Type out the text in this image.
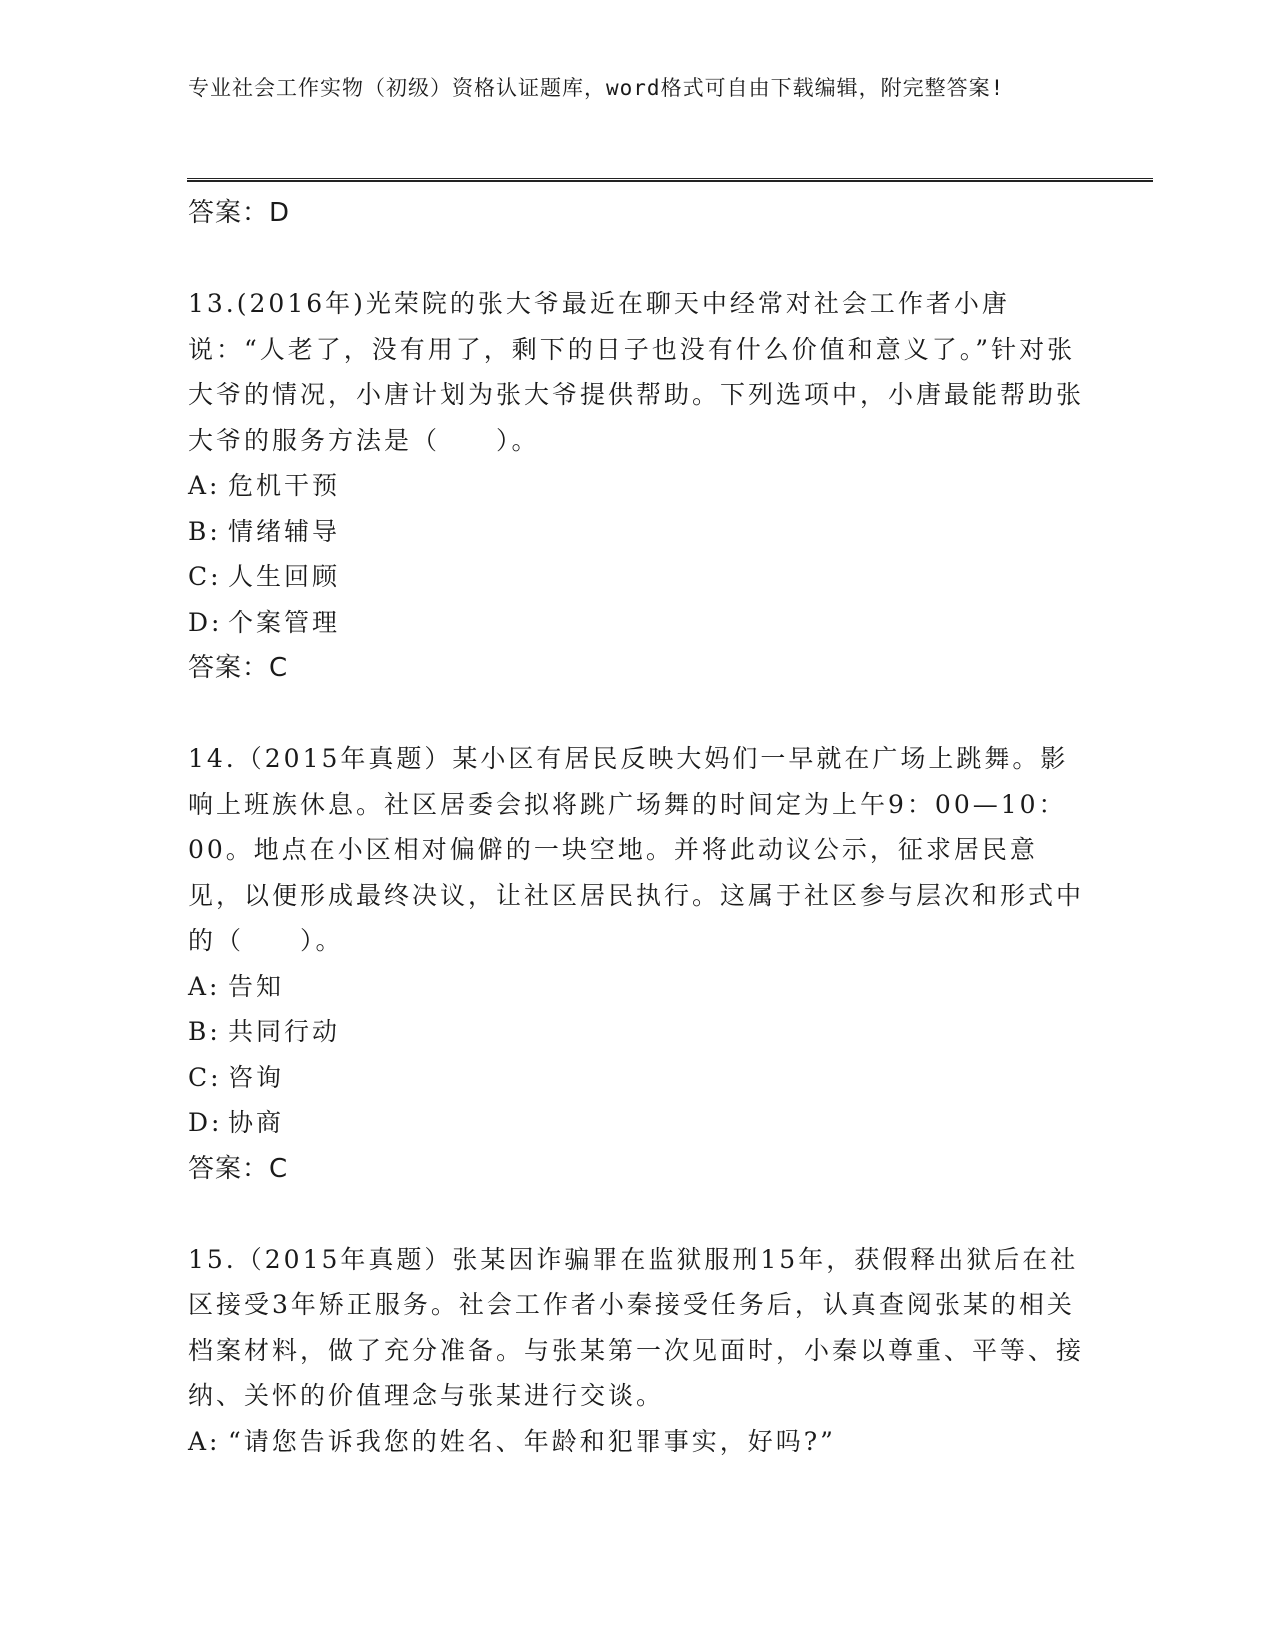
专业社会工作实物（初级）资格认证题库，word格式可自由下载编辑，附完整答案!
答案：D
13.(2016年)光荣院的张大爷最近在聊天中经常对社会工作者小唐说：“人老了，没有用了，剩下的日子也没有什么价值和意义了。”针对张大爷的情况，小唐计划为张大爷提供帮助。下列选项中，小唐最能帮助张大爷的服务方法是（　　）。
A: 危机干预
B: 情绪辅导
C: 人生回顾
D: 个案管理
答案：C
14.（2015年真题）某小区有居民反映大妈们一早就在广场上跳舞。影响上班族休息。社区居委会拟将跳广场舞的时间定为上午9：00—10：00。地点在小区相对偏僻的一块空地。并将此动议公示，征求居民意见，以便形成最终决议，让社区居民执行。这属于社区参与层次和形式中的（　　）。
A: 告知
B: 共同行动
C: 咨询
D: 协商
答案：C
15.（2015年真题）张某因诈骗罪在监狱服刑15年，获假释出狱后在社区接受3年矫正服务。社会工作者小秦接受任务后，认真查阅张某的相关档案材料，做了充分准备。与张某第一次见面时，小秦以尊重、平等、接纳、关怀的价值理念与张某进行交谈。
A: “请您告诉我您的姓名、年龄和犯罪事实，好吗?”
